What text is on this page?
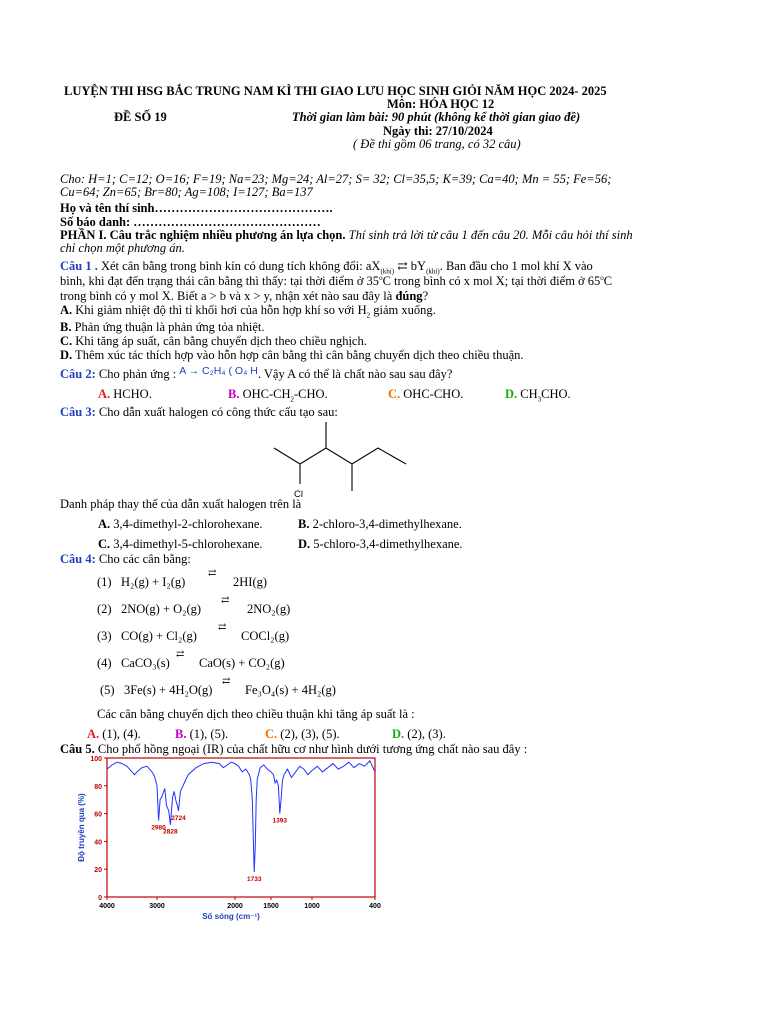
LUYỆN THI HSG BẮC TRUNG NAM KÌ THI GIAO LƯU HỌC SINH GIỎI NĂM HỌC 2024- 2025
Môn: HÓA HỌC 12
ĐỀ SỐ 19	Thời gian làm bài: 90 phút (không kể thời gian giao đề)
Ngày thi: 27/10/2024
( Đề thi gồm 06 trang, có 32 câu)
Cho: H=1; C=12; O=16; F=19; Na=23; Mg=24; Al=27; S= 32; Cl=35,5; K=39; Ca=40; Mn = 55; Fe=56; Cu=64; Zn=65; Br=80; Ag=108; I=127; Ba=137
Họ và tên thí sinh…………………………………….
Số báo danh: ………………………………………
PHẦN I. Câu trắc nghiệm nhiều phương án lựa chọn. Thí sinh trả lời từ câu 1 đến câu 20. Mỗi câu hỏi thí sinh chỉ chọn một phương án.
Câu 1 . Xét cân bằng trong bình kín có dung tích không đổi: $aX_{(khí)}$ ⇄ $bY_{(khí)}$. Ban đầu cho 1 mol khí X vào
bình, khi đạt đến trạng thái cân bằng thì thấy: tại thời điểm ở 35$^o$C trong bình có x mol X; tại thời điểm ở 65$^o$C
trong bình có y mol X. Biết a > b và x > y, nhận xét nào sau đây là đúng?
A. Khi giảm nhiệt độ thì tỉ khối hơi của hỗn hợp khí so với $H_2$ giảm xuống.
B. Phản ứng thuận là phản ứng tỏa nhiệt.
C. Khi tăng áp suất, cân bằng chuyển dịch theo chiều nghịch.
D. Thêm xúc tác thích hợp vào hỗn hợp cân bằng thì cân bằng chuyển dịch theo chiều thuận.
Câu 2: Cho phản ứng : $^{A \to C_2H_4 ( O_4 H}$. Vậy A có thể là chất nào sau sau đây?
A. HCHO.	B. OHC-$CH_2$-CHO.	C. OHC-CHO.	D. $CH_3CHO$.
Câu 3: Cho dẫn xuất halogen có công thức cấu tạo sau:
Cl
Danh pháp thay thế của dẫn xuất halogen trên là
A. 3,4-dimethyl-2-chlorohexane.	B. 2-chloro-3,4-dimethylhexane.
C. 3,4-dimethyl-5-chlorohexane.	D. 5-chloro-3,4-dimethylhexane.
Câu 4: Cho các cân bằng:
(1) H₂(g) + I₂(g)
⇄
2HI(g)
(2) 2NO(g) + O₂(g)
⇄
2NO₂(g)
(3) CO(g) + Cl₂(g)
⇄
COCl₂(g)
(4) CaCO₃(s)
⇄
CaO(s) + CO₂(g)
(5) 3Fe(s) + 4H₂O(g)
⇄
Fe₃O₄(s) + 4H₂(g)
Các cân bằng chuyển dịch theo chiều thuận khi tăng áp suất là :
A. (1), (4).	B. (1), (5).	C. (2), (3), (5).	D. (2), (3).
Câu 5. Cho phổ hồng ngoại (IR) của chất hữu cơ như hình dưới tương ứng chất nào sau đây :
0
20
40
60
80
100
4000	3000	2000	1500	1000	400
2980
2828
2724
1733
1393
Độ truyền qua (%)
Số sóng (cm⁻¹)
